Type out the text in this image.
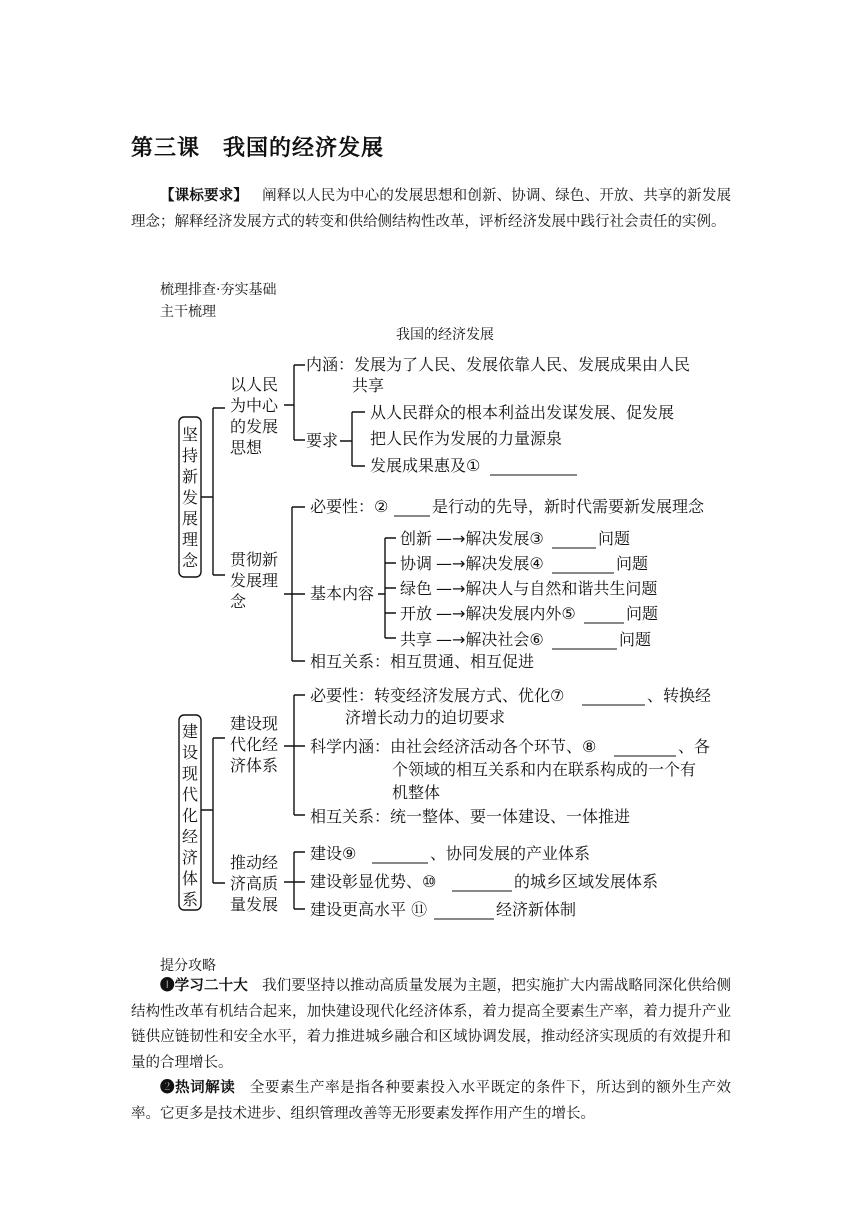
第三课　我国的经济发展
【课标要求】 阐释以人民为中心的发展思想和创新、协调、绿色、开放、共享的新发展理念；解释经济发展方式的转变和供给侧结构性改革，评析经济发展中践行社会责任的实例。
梳理排查·夯实基础
主干梳理
我国的经济发展
坚
持
新
发
展
理
念
建
设
现
代
化
经
济
体
系
以人民
为中心
的发展
思想
内涵：发展为了人民、发展依靠人民、发展成果由人民
共享
要求
从人民群众的根本利益出发谋发展、促发展
把人民作为发展的力量源泉
发展成果惠及①
贯彻新
发展理
念
必要性：②	是行动的先导，新时代需要新发展理念
基本内容
创新 —→解决发展③	问题
协调 —→解决发展④	问题
绿色 —→解决人与自然和谐共生问题
开放 —→解决发展内外⑤	问题
共享 —→解决社会⑥	问题
相互关系：相互贯通、相互促进
建设现
代化经
济体系
必要性：转变经济发展方式、优化⑦	、转换经
济增长动力的迫切要求
科学内涵：由社会经济活动各个环节、⑧	、各
个领域的相互关系和内在联系构成的一个有
机整体
相互关系：统一整体、要一体建设、一体推进
推动经
济高质
量发展
建设⑨	、协同发展的产业体系
建设彰显优势、⑩	的城乡区域发展体系
建设更高水平 ⑪	经济新体制
提分攻略
❶学习二十大 我们要坚持以推动高质量发展为主题，把实施扩大内需战略同深化供给侧结构性改革有机结合起来，加快建设现代化经济体系，着力提高全要素生产率，着力提升产业链供应链韧性和安全水平，着力推进城乡融合和区域协调发展，推动经济实现质的有效提升和量的合理增长。
❷热词解读 全要素生产率是指各种要素投入水平既定的条件下，所达到的额外生产效率。它更多是技术进步、组织管理改善等无形要素发挥作用产生的增长。
